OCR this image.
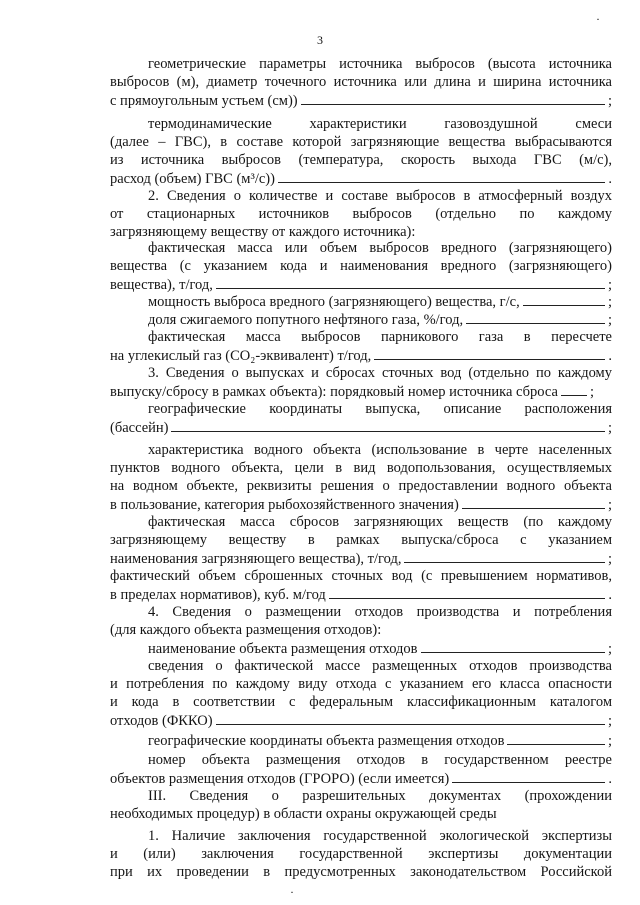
3
геометрические параметры источника выбросов (высота источника
выбросов (м), диаметр точечного источника или длина и ширина источника
с прямоугольным устьем (см))	;
термодинамические характеристики газовоздушной смеси
(далее – ГВС), в составе которой загрязняющие вещества выбрасываются
из источника выбросов (температура, скорость выхода ГВС (м/с),
расход (объем) ГВС (м³/с))	.
2. Сведения о количестве и составе выбросов в атмосферный воздух
от стационарных источников выбросов (отдельно по каждому
загрязняющему веществу от каждого источника):
фактическая масса или объем выбросов вредного (загрязняющего)
вещества (с указанием кода и наименования вредного (загрязняющего)
вещества), т/год,	;
мощность выброса вредного (загрязняющего) вещества, г/с,	;
доля сжигаемого попутного нефтяного газа, %/год,	;
фактическая масса выбросов парникового газа в пересчете
на углекислый газ (CO₂-эквивалент) т/год,	.
3. Сведения о выпусках и сбросах сточных вод (отдельно по каждому
выпуску/сбросу в рамках объекта): порядковый номер источника сброса ;
географические координаты выпуска, описание расположения
(бассейн)	;
характеристика водного объекта (использование в черте населенных
пунктов водного объекта, цели в вид водопользования, осуществляемых
на водном объекте, реквизиты решения о предоставлении водного объекта
в пользование, категория рыбохозяйственного значения)	;
фактическая масса сбросов загрязняющих веществ (по каждому
загрязняющему веществу в рамках выпуска/сброса с указанием
наименования загрязняющего вещества), т/год,	;
фактический объем сброшенных сточных вод (с превышением нормативов,
в пределах нормативов), куб. м/год	.
4. Сведения о размещении отходов производства и потребления
(для каждого объекта размещения отходов):
наименование объекта размещения отходов	;
сведения о фактической массе размещенных отходов производства
и потребления по каждому виду отхода с указанием его класса опасности
и кода в соответствии с федеральным классификационным каталогом
отходов (ФККО)	;
географические координаты объекта размещения отходов	;
номер объекта размещения отходов в государственном реестре
объектов размещения отходов (ГРОРО) (если имеется)	.
III. Сведения о разрешительных документах (прохождении
необходимых процедур) в области охраны окружающей среды
1. Наличие заключения государственной экологической экспертизы
и (или) заключения государственной экспертизы документации
при их проведении в предусмотренных законодательством Российской
·
·
